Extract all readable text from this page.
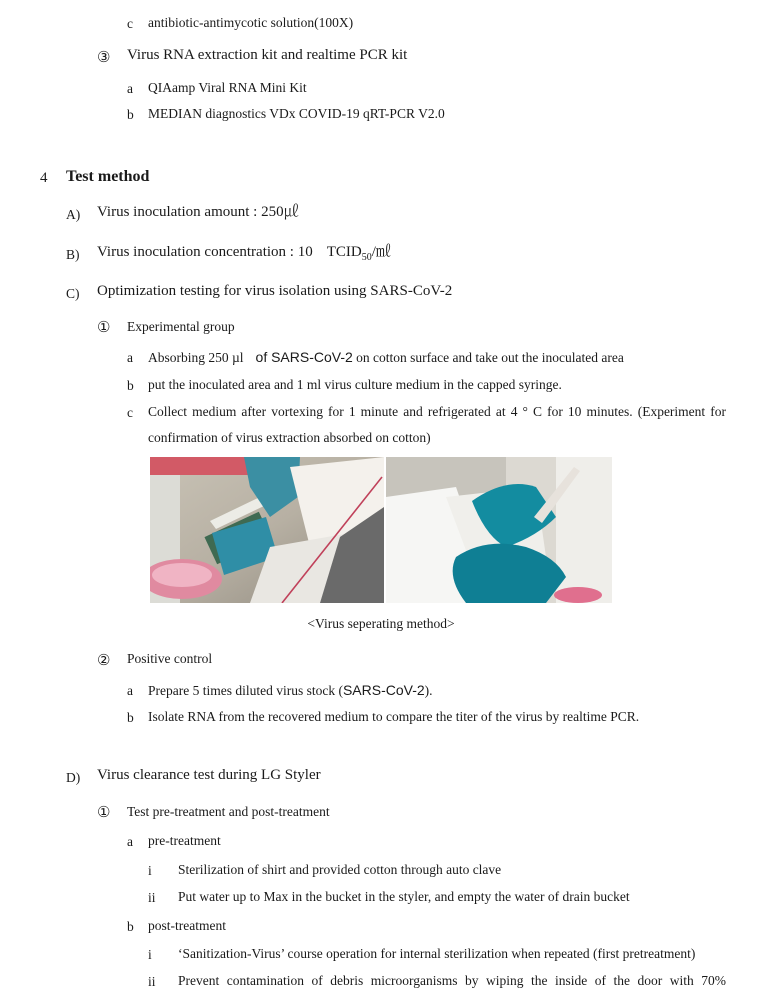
c antibiotic-antimycotic solution(100X)
③ Virus RNA extraction kit and realtime PCR kit
a QIAamp Viral RNA Mini Kit
b MEDIAN diagnostics VDx COVID-19 qRT-PCR V2.0
4 Test method
A) Virus inoculation amount : 250㎕
B) Virus inoculation concentration : 10 $TCID_{50}/㎖$
C) Optimization testing for virus isolation using SARS-CoV-2
① Experimental group
a Absorbing 250 µl of SARS-CoV-2 on cotton surface and take out the inoculated area
b put the inoculated area and 1 ml virus culture medium in the capped syringe.
c Collect medium after vortexing for 1 minute and refrigerated at 4 ° C for 10 minutes. (Experiment for
confirmation of virus extraction absorbed on cotton)
<Virus seperating method>
② Positive control
a Prepare 5 times diluted virus stock (SARS-CoV-2).
b Isolate RNA from the recovered medium to compare the titer of the virus by realtime PCR.
D) Virus clearance test during LG Styler
① Test pre-treatment and post-treatment
a pre-treatment
i Sterilization of shirt and provided cotton through auto clave
ii Put water up to Max in the bucket in the styler, and empty the water of drain bucket
b post-treatment
i ‘Sanitization-Virus’ course operation for internal sterilization when repeated (first pretreatment)
ii Prevent contamination of debris microorganisms by wiping the inside of the door with 70%
